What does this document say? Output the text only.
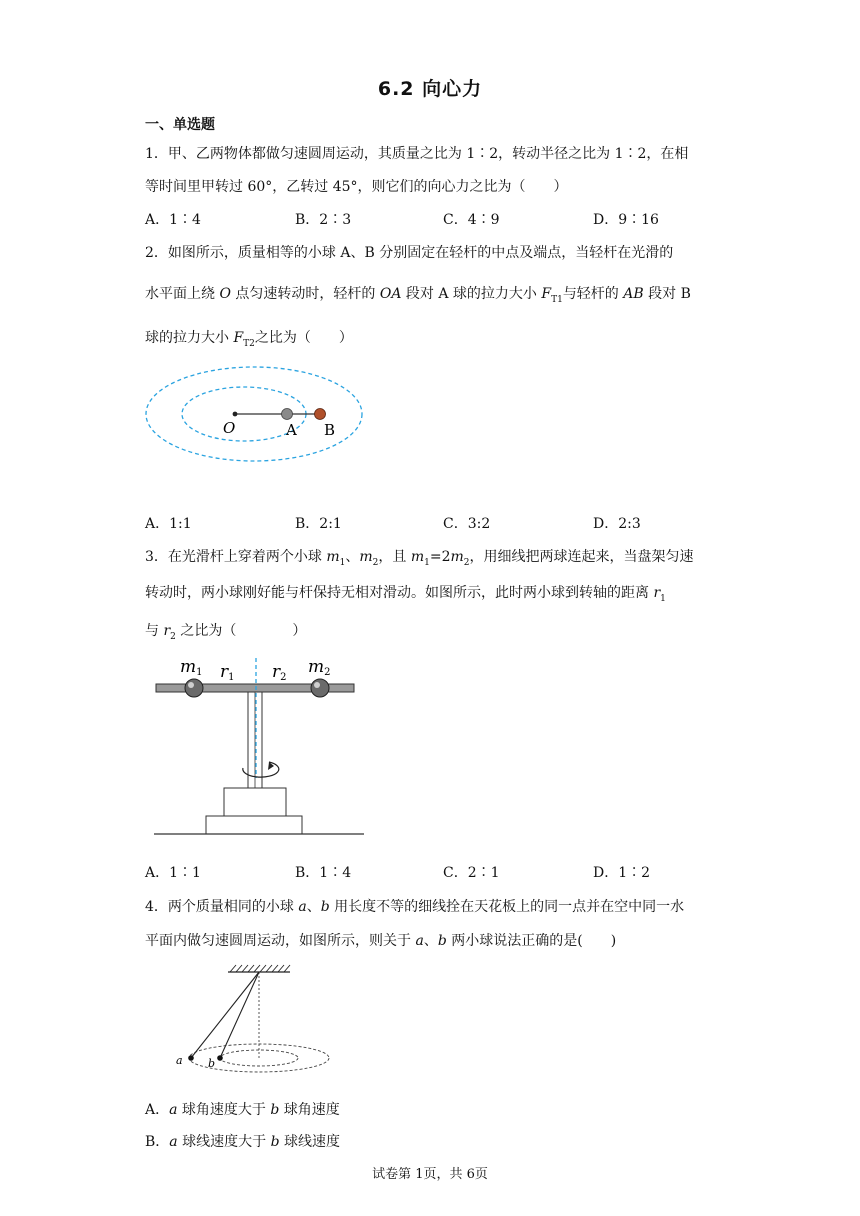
6.2 向心力
一、单选题
1．甲、乙两物体都做匀速圆周运动，其质量之比为 1∶2，转动半径之比为 1∶2，在相
等时间里甲转过 60°，乙转过 45°，则它们的向心力之比为（　　）
A．1∶4	B．2∶3	C．4∶9	D．9∶16
2．如图所示，质量相等的小球 A、B 分别固定在轻杆的中点及端点，当轻杆在光滑的
水平面上绕 O 点匀速转动时，轻杆的 OA 段对 A 球的拉力大小 $F_{T1}$与轻杆的 AB 段对 B
球的拉力大小 $F_{T2}$之比为（　　）
O	A B
A．1:1	B．2:1	C．3:2	D．2:3
3．在光滑杆上穿着两个小球 $m_1$、$m_2$，且 $m_1=2m_2$，用细线把两球连起来，当盘架匀速
转动时，两小球刚好能与杆保持无相对滑动。如图所示，此时两小球到转轴的距离 $r_1$
与 $r_2$ 之比为（　　　　）
m1 r1 r2
m2
A．1∶1	B．1∶4	C．2∶1	D．1∶2
4．两个质量相同的小球 a、b 用长度不等的细线拴在天花板上的同一点并在空中同一水
平面内做匀速圆周运动，如图所示，则关于 a、b 两小球说法正确的是(　　)
a b
A．a 球角速度大于 b 球角速度
B．a 球线速度大于 b 球线速度
试卷第 1页，共 6页
